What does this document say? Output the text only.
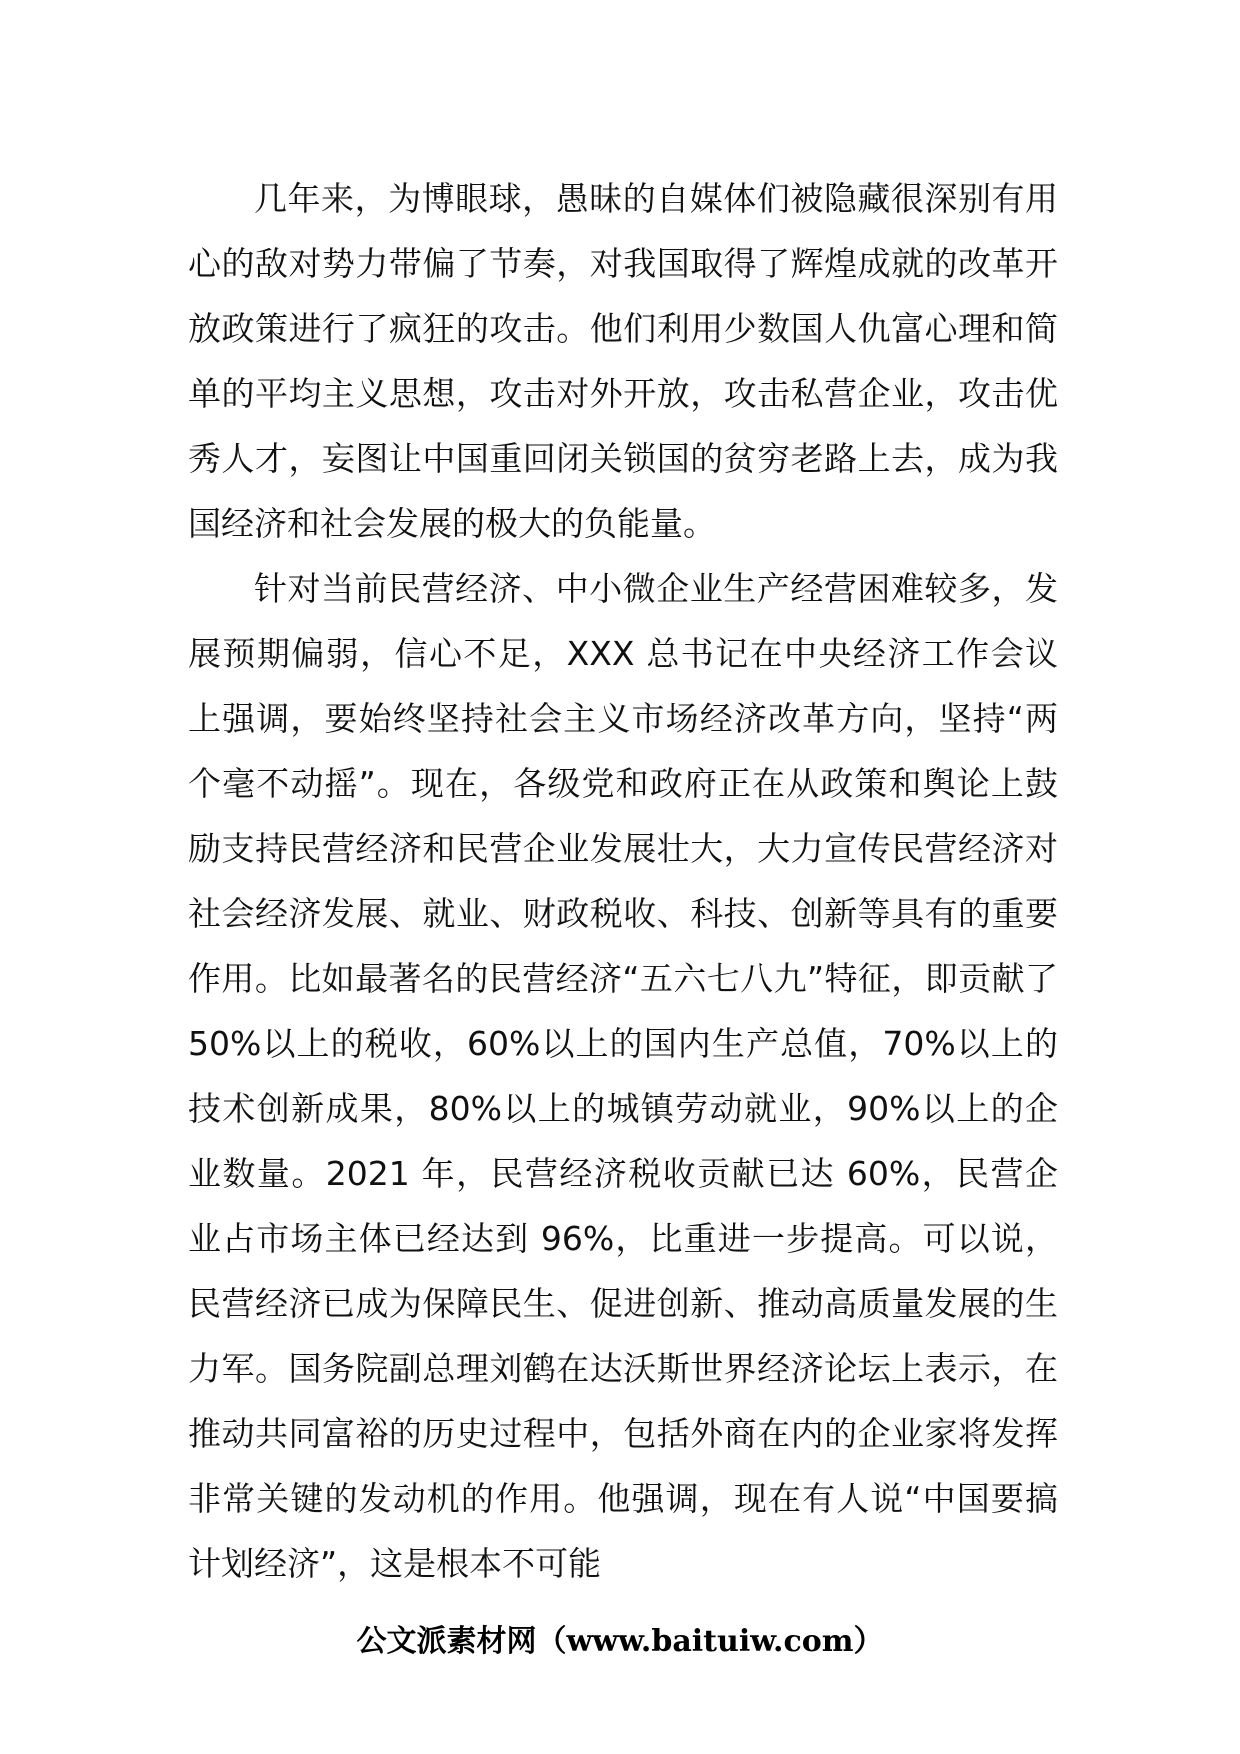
几年来，为博眼球，愚昧的自媒体们被隐藏很深别有用心的敌对势力带偏了节奏，对我国取得了辉煌成就的改革开放政策进行了疯狂的攻击。他们利用少数国人仇富心理和简单的平均主义思想，攻击对外开放，攻击私营企业，攻击优秀人才，妄图让中国重回闭关锁国的贫穷老路上去，成为我国经济和社会发展的极大的负能量。

针对当前民营经济、中小微企业生产经营困难较多，发展预期偏弱，信心不足，XXX 总书记在中央经济工作会议上强调，要始终坚持社会主义市场经济改革方向，坚持“两个毫不动摇”。现在，各级党和政府正在从政策和舆论上鼓励支持民营经济和民营企业发展壮大，大力宣传民营经济对社会经济发展、就业、财政税收、科技、创新等具有的重要作用。比如最著名的民营经济“五六七八九”特征，即贡献了 50%以上的税收，60%以上的国内生产总值，70%以上的技术创新成果，80%以上的城镇劳动就业，90%以上的企业数量。2021 年，民营经济税收贡献已达 60%，民营企业占市场主体已经达到 96%，比重进一步提高。可以说，民营经济已成为保障民生、促进创新、推动高质量发展的生力军。国务院副总理刘鹤在达沃斯世界经济论坛上表示，在推动共同富裕的历史过程中，包括外商在内的企业家将发挥非常关键的发动机的作用。他强调，现在有人说“中国要搞计划经济”，这是根本不可能

公文派素材网（www.baituiw.com）
